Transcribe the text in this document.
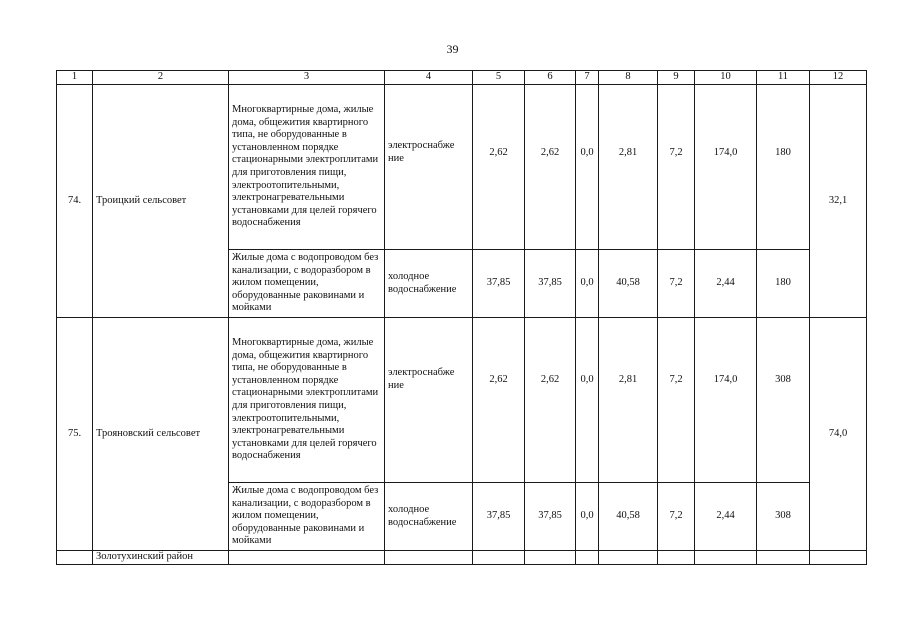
39
1	2	3	4	5	6	7	8	9	10	11	12
74.	Троицкий сельсовет	Многоквартирные дома, жилые дома, общежития квартирного типа, не оборудованные в установленном порядке стационарными электроплитами для приготовления пищи, электроотопительными, электронагревательными установками для целей горячего водоснабжения	электроснабже ние	2,62	2,62	0,0	2,81	7,2	174,0	180	32,1
		Жилые дома с водопроводом без канализации, с водоразбором в жилом помещении, оборудованные раковинами и мойками	холодное водоснабжение	37,85	37,85	0,0	40,58	7,2	2,44	180	
75.	Трояновский сельсовет	Многоквартирные дома, жилые дома, общежития квартирного типа, не оборудованные в установленном порядке стационарными электроплитами для приготовления пищи, электроотопительными, электронагревательными установками для целей горячего водоснабжения	электроснабже ние	2,62	2,62	0,0	2,81	7,2	174,0	308	74,0
		Жилые дома с водопроводом без канализации, с водоразбором в жилом помещении, оборудованные раковинами и мойками	холодное водоснабжение	37,85	37,85	0,0	40,58	7,2	2,44	308	
	Золотухинский район										
